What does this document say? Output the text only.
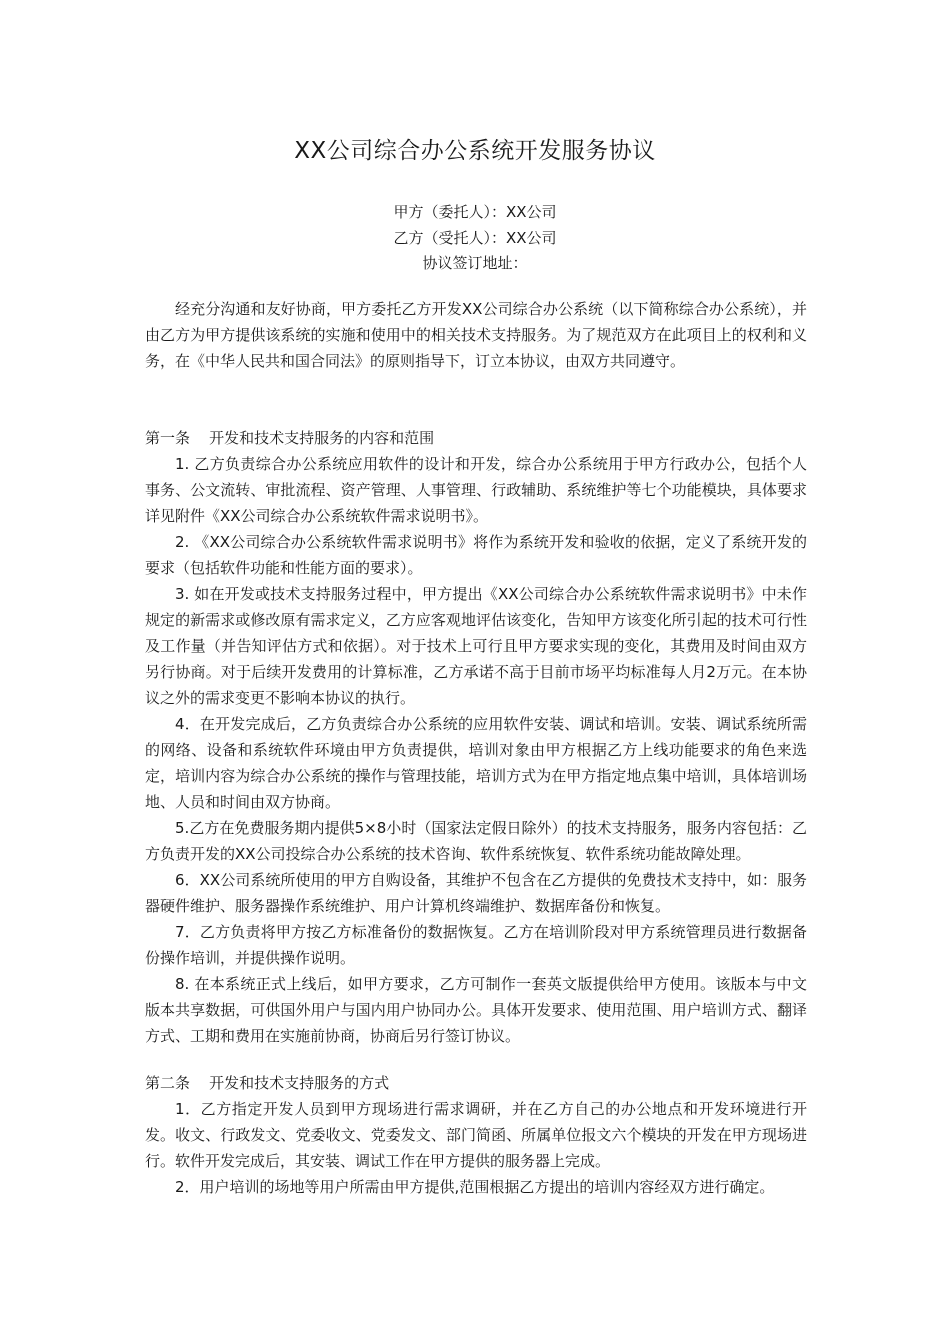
XX公司综合办公系统开发服务协议
甲方（委托人）：XX公司
乙方（受托人）：XX公司
协议签订地址：

经充分沟通和友好协商，甲方委托乙方开发XX公司综合办公系统（以下简称综合办公系统），并由乙方为甲方提供该系统的实施和使用中的相关技术支持服务。为了规范双方在此项目上的权利和义务，在《中华人民共和国合同法》的原则指导下，订立本协议，由双方共同遵守。

第一条    开发和技术支持服务的内容和范围

1. 乙方负责综合办公系统应用软件的设计和开发，综合办公系统用于甲方行政办公，包括个人事务、公文流转、审批流程、资产管理、人事管理、行政辅助、系统维护等七个功能模块，具体要求详见附件《XX公司综合办公系统软件需求说明书》。

2. 《XX公司综合办公系统软件需求说明书》将作为系统开发和验收的依据，定义了系统开发的要求（包括软件功能和性能方面的要求）。

3. 如在开发或技术支持服务过程中，甲方提出《XX公司综合办公系统软件需求说明书》中未作规定的新需求或修改原有需求定义，乙方应客观地评估该变化，告知甲方该变化所引起的技术可行性及工作量（并告知评估方式和依据）。对于技术上可行且甲方要求实现的变化，其费用及时间由双方另行协商。对于后续开发费用的计算标准，乙方承诺不高于目前市场平均标准每人月2万元。在本协议之外的需求变更不影响本协议的执行。

4．在开发完成后，乙方负责综合办公系统的应用软件安装、调试和培训。安装、调试系统所需的网络、设备和系统软件环境由甲方负责提供，培训对象由甲方根据乙方上线功能要求的角色来选定，培训内容为综合办公系统的操作与管理技能，培训方式为在甲方指定地点集中培训，具体培训场地、人员和时间由双方协商。

5.乙方在免费服务期内提供5×8小时（国家法定假日除外）的技术支持服务，服务内容包括：乙方负责开发的XX公司投综合办公系统的技术咨询、软件系统恢复、软件系统功能故障处理。

6．XX公司系统所使用的甲方自购设备，其维护不包含在乙方提供的免费技术支持中，如：服务器硬件维护、服务器操作系统维护、用户计算机终端维护、数据库备份和恢复。

7．乙方负责将甲方按乙方标准备份的数据恢复。乙方在培训阶段对甲方系统管理员进行数据备份操作培训，并提供操作说明。

8. 在本系统正式上线后，如甲方要求，乙方可制作一套英文版提供给甲方使用。该版本与中文版本共享数据，可供国外用户与国内用户协同办公。具体开发要求、使用范围、用户培训方式、翻译方式、工期和费用在实施前协商，协商后另行签订协议。

第二条    开发和技术支持服务的方式

1．乙方指定开发人员到甲方现场进行需求调研，并在乙方自己的办公地点和开发环境进行开发。收文、行政发文、党委收文、党委发文、部门简函、所属单位报文六个模块的开发在甲方现场进行。软件开发完成后，其安装、调试工作在甲方提供的服务器上完成。

2．用户培训的场地等用户所需由甲方提供,范围根据乙方提出的培训内容经双方进行确定。
